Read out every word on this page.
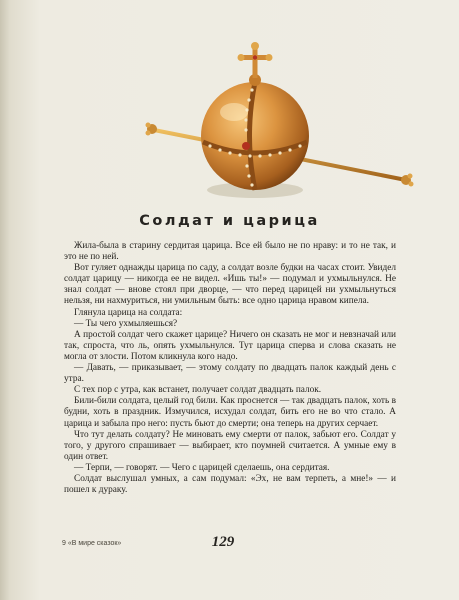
Солдат и царица

Жила-была в старину сердитая царица. Все ей было не по нраву: и то не так, и это не по ней.

Вот гуляет однажды царица по саду, а солдат возле будки на часах стоит. Увидел солдат царицу — никогда ее не видел. «Ишь ты!» — подумал и ухмыльнулся. Не знал солдат — вновe стоял при дворце, — что перед царицей ни ухмыльнуться нельзя, ни нахмуриться, ни умильным быть: все одно царица нравом кипела.

Глянула царица на солдата:

— Ты чего ухмыляешься?

А простой солдат чего скажет царице? Ничего он сказать не мог и невзначай или так, спроста, что ль, опять ухмыльнулся. Тут царица сперва и слова сказать не могла от злости. Потом кликнула кого надо.

— Давать, — приказывает, — этому солдату по двадцать палок каждый день с утра.

С тех пор с утра, как встанет, получает солдат двадцать палок.

Били-били солдата, целый год били. Как проснется — так двадцать палок, хоть в будни, хоть в праздник. Измучился, исхудал солдат, бить его не во что стало. А царица и забыла про него: пусть бьют до смерти; она теперь на других серчает.

Что тут делать солдату? Не миновать ему смерти от палок, забьют его. Солдат у того, у другого спрашивает — выбирает, кто поумней считается. А умные ему в один ответ.

— Терпи, — говорят. — Чего с царицей сделаешь, она сердитая.

Солдат выслушал умных, а сам подумал: «Эх, не вам терпеть, а мне!» — и пошел к дураку.

9 «В мире сказок»	129
